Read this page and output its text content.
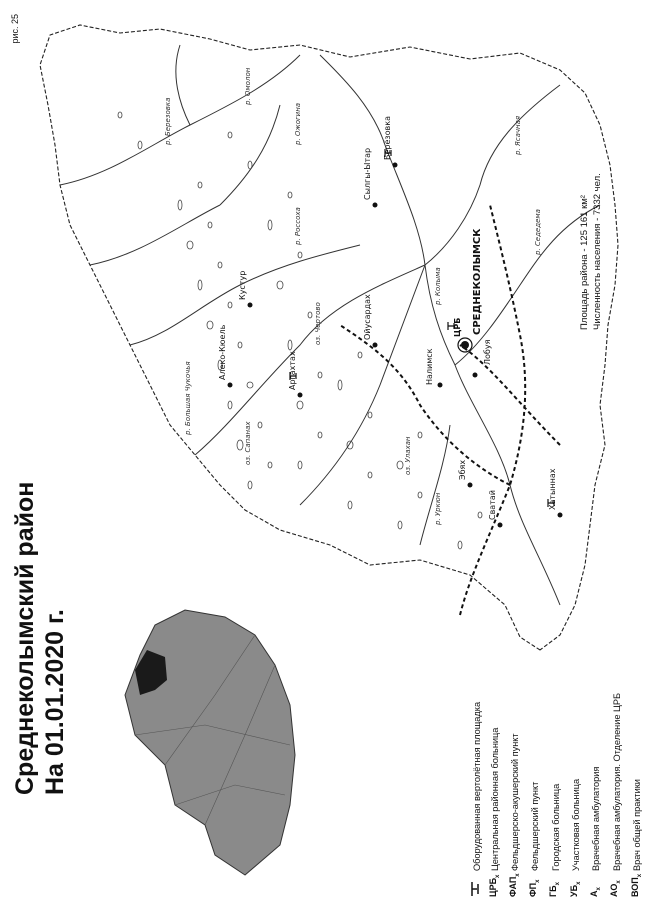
СРЕДНЕКОЛЫМСК
ЦРБ
Налимск	Лобуя
Хатыннах
Сватай
Эбях
Аргахтах
Алеко-Кюель
Кустур
Берёзовка
Ойусардах
Сылгы-Ытар
р. Колыма
оз. Чертово
оз. Улахан
р. Седедема
р. Ясачная
р. Березовка
р. Омолон
р. Россоха
р. Ожогина
р. Уркюн
оз. Сапанах
р. Большая Чукочья
Среднеколымский район На 01.01.2020 г.
рис. 25
Оборудованная вертолётная площадка
$ЦРБ_х$
Центральная районная больница
$ФАП_х$
Фельдшерско-акушерский пункт
$ФП_х$
Фельдшерский пункт
$ГБ_х$
Городская больница
$УБ_х$
Участковая больница
$А_х$
Врачебная амбулатория
$АО_х$
Врачебная амбулатория. Отделение ЦРБ
$ВОП_х$
Врач общей практики
Площадь района - 125 161 км² Численность населения - 7332 чел.
